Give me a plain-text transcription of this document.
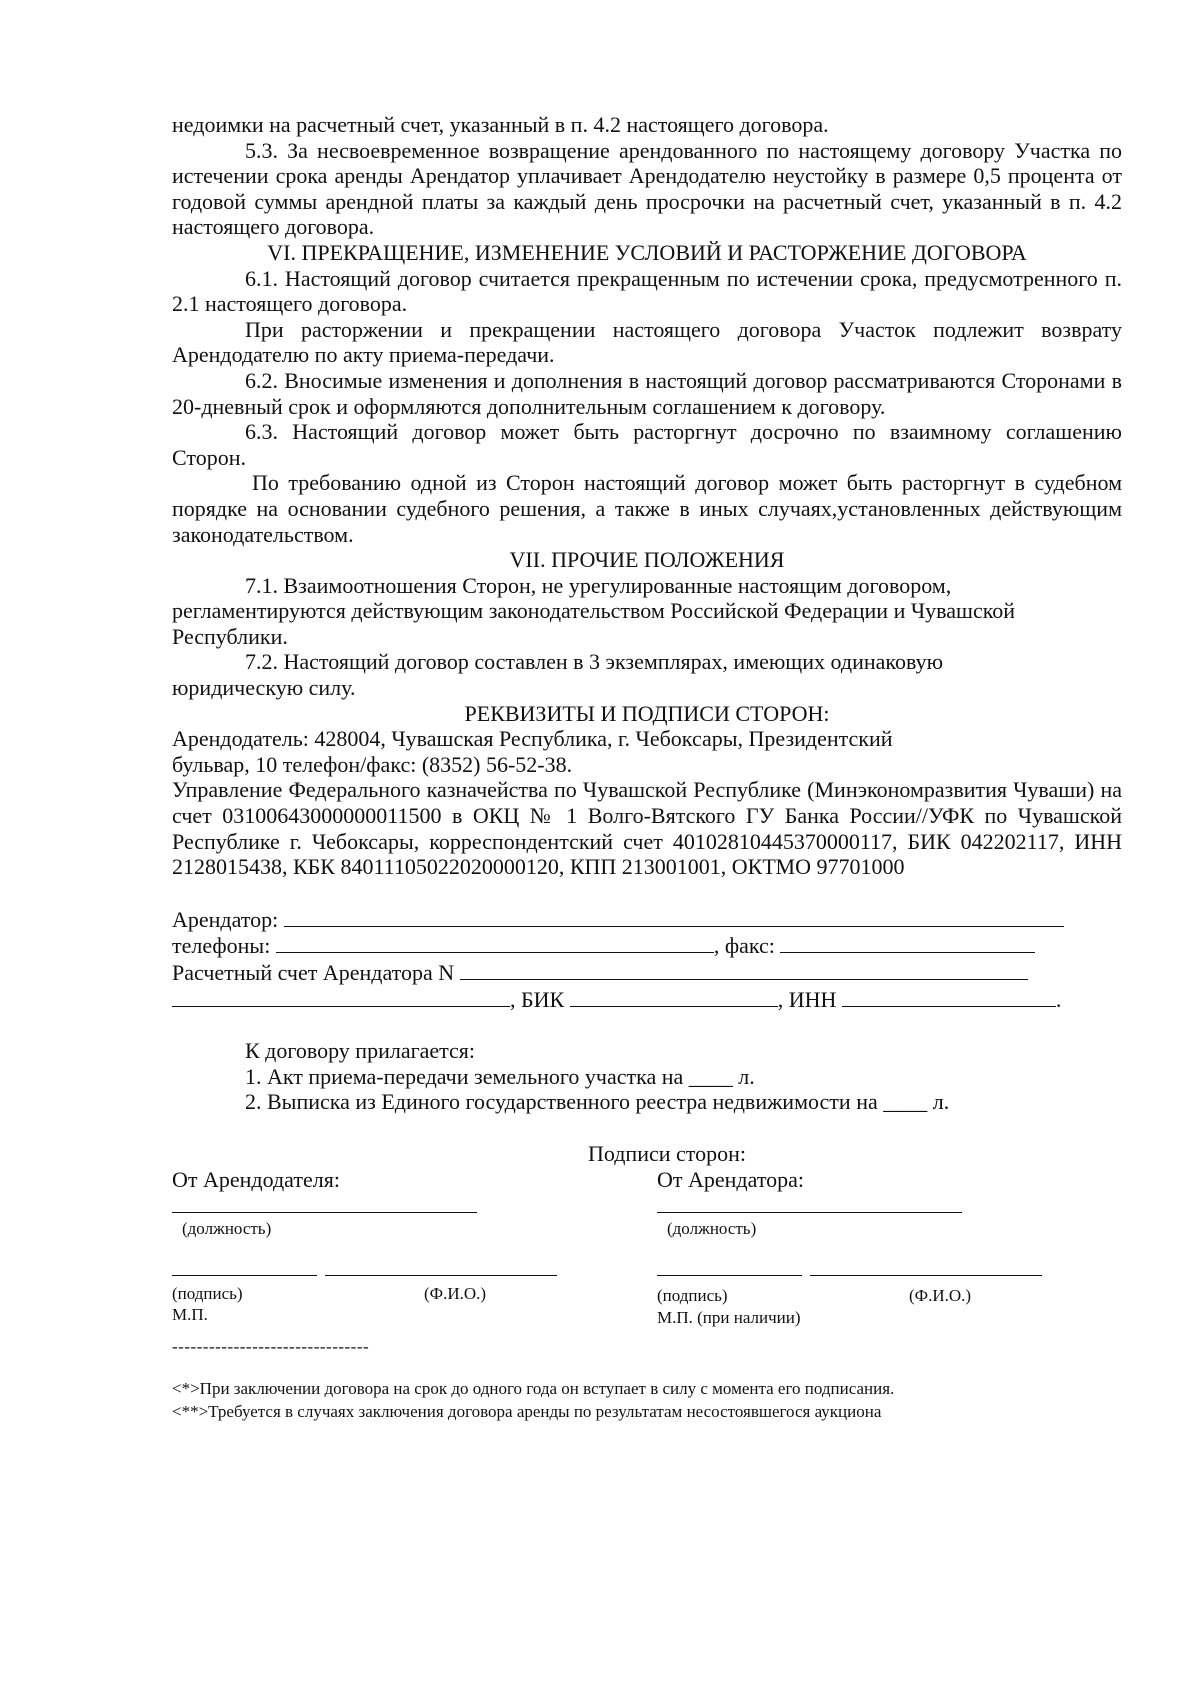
недоимки на расчетный счет, указанный в п. 4.2 настоящего договора.

5.3. За несвоевременное возвращение арендованного по настоящему договору Участка по истечении срока аренды Арендатор уплачивает Арендодателю неустойку в размере 0,5 процента от годовой суммы арендной платы за каждый день просрочки на расчетный счет, указанный в п. 4.2 настоящего договора.

VI. ПРЕКРАЩЕНИЕ, ИЗМЕНЕНИЕ УСЛОВИЙ И РАСТОРЖЕНИЕ ДОГОВОРА

6.1. Настоящий договор считается прекращенным по истечении срока, предусмотренного п. 2.1 настоящего договора.

При расторжении и прекращении настоящего договора Участок подлежит возврату Арендодателю по акту приема-передачи.

6.2. Вносимые изменения и дополнения в настоящий договор рассматриваются Сторонами в 20-дневный срок и оформляются дополнительным соглашением к договору.

6.3. Настоящий договор может быть расторгнут досрочно по взаимному соглашению Сторон.

По требованию одной из Сторон настоящий договор может быть расторгнут в судебном порядке на основании судебного решения, а также в иных случаях,установленных действующим законодательством.

VII. ПРОЧИЕ ПОЛОЖЕНИЯ

7.1. Взаимоотношения Сторон, не урегулированные настоящим договором, регламентируются действующим законодательством Российской Федерации и Чувашской Республики.

7.2. Настоящий договор составлен в 3 экземплярах, имеющих одинаковую юридическую силу.

РЕКВИЗИТЫ И ПОДПИСИ СТОРОН:

Арендодатель: 428004, Чувашская Республика, г. Чебоксары, Президентский бульвар, 10 телефон/факс: (8352) 56-52-38.

Управление Федерального казначейства по Чувашской Республике (Минэкономразвития Чуваши) на счет 03100643000000011500 в ОКЦ № 1 Волго-Вятского ГУ Банка России//УФК по Чувашской Республике г. Чебоксары, корреспондентский счет 40102810445370000117, БИК 042202117, ИНН 2128015438, КБК 84011105022020000120, КПП 213001001, ОКТМО 97701000

Арендатор:
телефоны:	, факс:
Расчетный счет Арендатора N
, БИК	, ИНН	.

К договору прилагается:

1. Акт приема-передачи земельного участка на ____ л.

2. Выписка из Единого государственного реестра недвижимости на ____ л.

Подписи сторон:

От Арендодателя:
(должность)
(подпись)	(Ф.И.О.)
М.П.
От Арендатора:
(должность)
(подпись)	(Ф.И.О.)
М.П. (при наличии)
--------------------------------
<*>При заключении договора на срок до одного года он вступает в силу с момента его подписания.
<**>Требуется в случаях заключения договора аренды по результатам несостоявшегося аукциона
